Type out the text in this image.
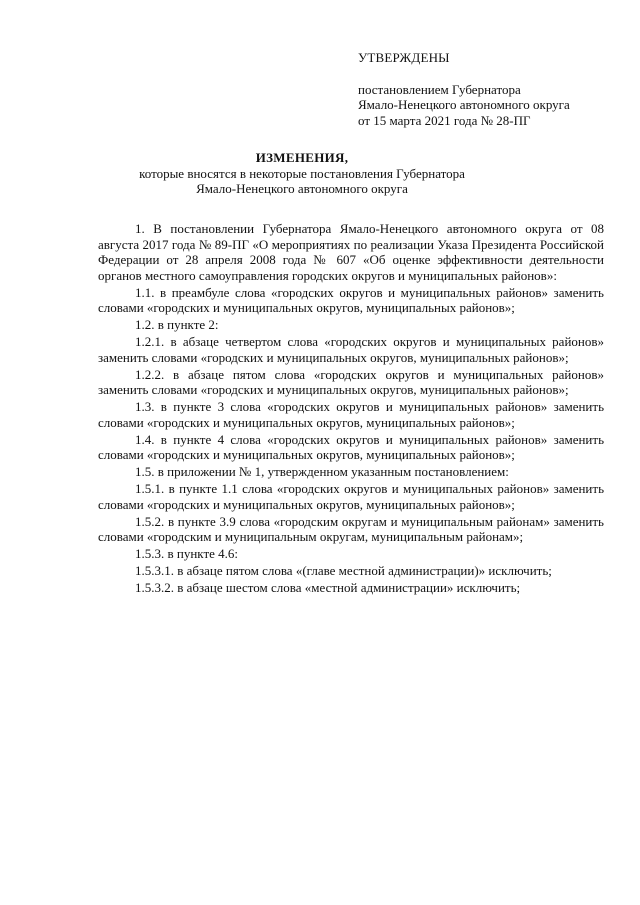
УТВЕРЖДЕНЫ
постановлением Губернатора
Ямало-Ненецкого автономного округа
от 15 марта 2021 года № 28-ПГ
ИЗМЕНЕНИЯ,
которые вносятся в некоторые постановления Губернатора
Ямало-Ненецкого автономного округа

1. В постановлении Губернатора Ямало-Ненецкого автономного округа от 08 августа 2017 года № 89-ПГ «О мероприятиях по реализации Указа Президента Российской Федерации от 28 апреля 2008 года № 607 «Об оценке эффективности деятельности органов местного самоуправления городских округов и муниципальных районов»:

1.1. в преамбуле слова «городских округов и муниципальных районов» заменить словами «городских и муниципальных округов, муниципальных районов»;

1.2. в пункте 2:

1.2.1. в абзаце четвертом слова «городских округов и муниципальных районов» заменить словами «городских и муниципальных округов, муниципальных районов»;

1.2.2. в абзаце пятом слова «городских округов и муниципальных районов» заменить словами «городских и муниципальных округов, муниципальных районов»;

1.3. в пункте 3 слова «городских округов и муниципальных районов» заменить словами «городских и муниципальных округов, муниципальных районов»;

1.4. в пункте 4 слова «городских округов и муниципальных районов» заменить словами «городских и муниципальных округов, муниципальных районов»;

1.5. в приложении № 1, утвержденном указанным постановлением:

1.5.1. в пункте 1.1 слова «городских округов и муниципальных районов» заменить словами «городских и муниципальных округов, муниципальных районов»;

1.5.2. в пункте 3.9 слова «городским округам и муниципальным районам» заменить словами «городским и муниципальным округам, муниципальным районам»;

1.5.3. в пункте 4.6:

1.5.3.1. в абзаце пятом слова «(главе местной администрации)» исключить;

1.5.3.2. в абзаце шестом слова «местной администрации» исключить;
